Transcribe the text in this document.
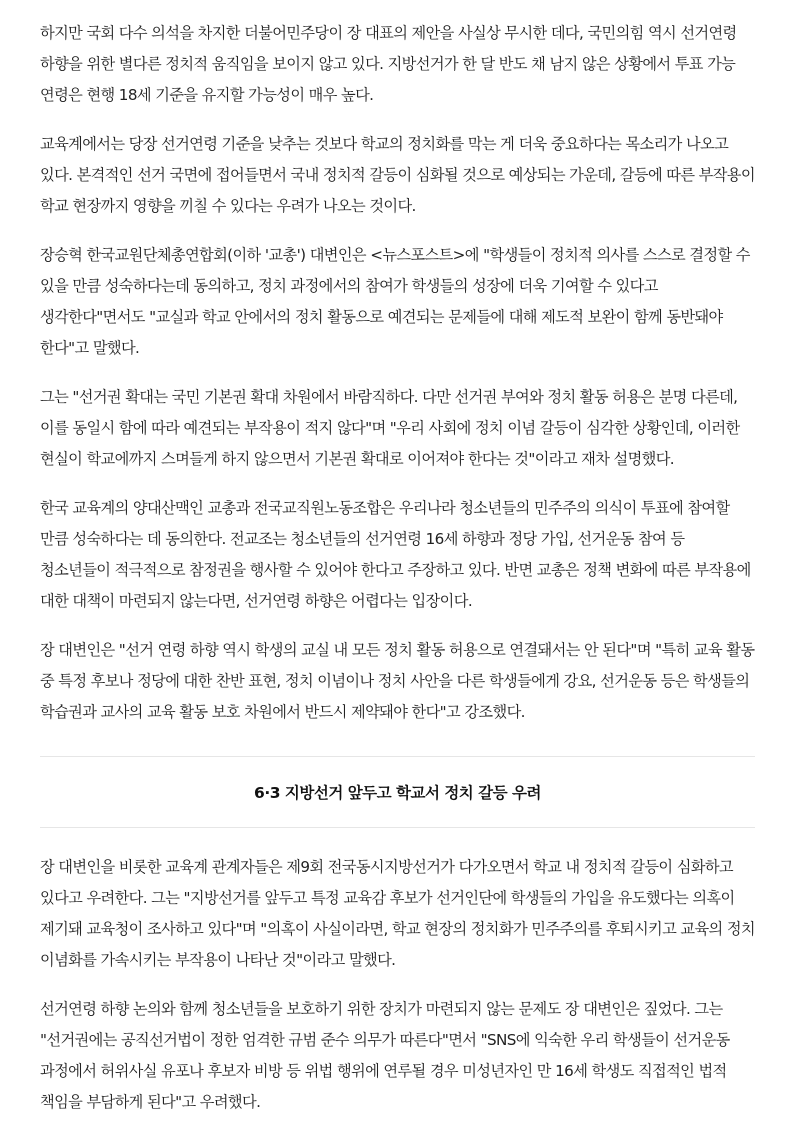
하지만 국회 다수 의석을 차지한 더불어민주당이 장 대표의 제안을 사실상 무시한 데다, 국민의힘 역시 선거연령 하향을 위한 별다른 정치적 움직임을 보이지 않고 있다. 지방선거가 한 달 반도 채 남지 않은 상황에서 투표 가능 연령은 현행 18세 기준을 유지할 가능성이 매우 높다.

교육계에서는 당장 선거연령 기준을 낮추는 것보다 학교의 정치화를 막는 게 더욱 중요하다는 목소리가 나오고 있다. 본격적인 선거 국면에 접어들면서 국내 정치적 갈등이 심화될 것으로 예상되는 가운데, 갈등에 따른 부작용이 학교 현장까지 영향을 끼칠 수 있다는 우려가 나오는 것이다.

장승혁 한국교원단체총연합회(이하 '교총') 대변인은 <뉴스포스트>에 "학생들이 정치적 의사를 스스로 결정할 수 있을 만큼 성숙하다는데 동의하고, 정치 과정에서의 참여가 학생들의 성장에 더욱 기여할 수 있다고 생각한다"면서도 "교실과 학교 안에서의 정치 활동으로 예견되는 문제들에 대해 제도적 보완이 함께 동반돼야 한다"고 말했다.

그는 "선거권 확대는 국민 기본권 확대 차원에서 바람직하다. 다만 선거권 부여와 정치 활동 허용은 분명 다른데, 이를 동일시 함에 따라 예견되는 부작용이 적지 않다"며 "우리 사회에 정치 이념 갈등이 심각한 상황인데, 이러한 현실이 학교에까지 스며들게 하지 않으면서 기본권 확대로 이어져야 한다는 것"이라고 재차 설명했다.

한국 교육계의 양대산맥인 교총과 전국교직원노동조합은 우리나라 청소년들의 민주주의 의식이 투표에 참여할 만큼 성숙하다는 데 동의한다. 전교조는 청소년들의 선거연령 16세 하향과 정당 가입, 선거운동 참여 등 청소년들이 적극적으로 참정권을 행사할 수 있어야 한다고 주장하고 있다. 반면 교총은 정책 변화에 따른 부작용에 대한 대책이 마련되지 않는다면, 선거연령 하향은 어렵다는 입장이다.

장 대변인은 "선거 연령 하향 역시 학생의 교실 내 모든 정치 활동 허용으로 연결돼서는 안 된다"며 "특히 교육 활동 중 특정 후보나 정당에 대한 찬반 표현, 정치 이념이나 정치 사안을 다른 학생들에게 강요, 선거운동 등은 학생들의 학습권과 교사의 교육 활동 보호 차원에서 반드시 제약돼야 한다"고 강조했다.

6·3 지방선거 앞두고 학교서 정치 갈등 우려

장 대변인을 비롯한 교육계 관계자들은 제9회 전국동시지방선거가 다가오면서 학교 내 정치적 갈등이 심화하고 있다고 우려한다. 그는 "지방선거를 앞두고 특정 교육감 후보가 선거인단에 학생들의 가입을 유도했다는 의혹이 제기돼 교육청이 조사하고 있다"며 "의혹이 사실이라면, 학교 현장의 정치화가 민주주의를 후퇴시키고 교육의 정치 이념화를 가속시키는 부작용이 나타난 것"이라고 말했다.

선거연령 하향 논의와 함께 청소년들을 보호하기 위한 장치가 마련되지 않는 문제도 장 대변인은 짚었다. 그는 "선거권에는 공직선거법이 정한 엄격한 규범 준수 의무가 따른다"면서 "SNS에 익숙한 우리 학생들이 선거운동 과정에서 허위사실 유포나 후보자 비방 등 위법 행위에 연루될 경우 미성년자인 만 16세 학생도 직접적인 법적 책임을 부담하게 된다"고 우려했다.
